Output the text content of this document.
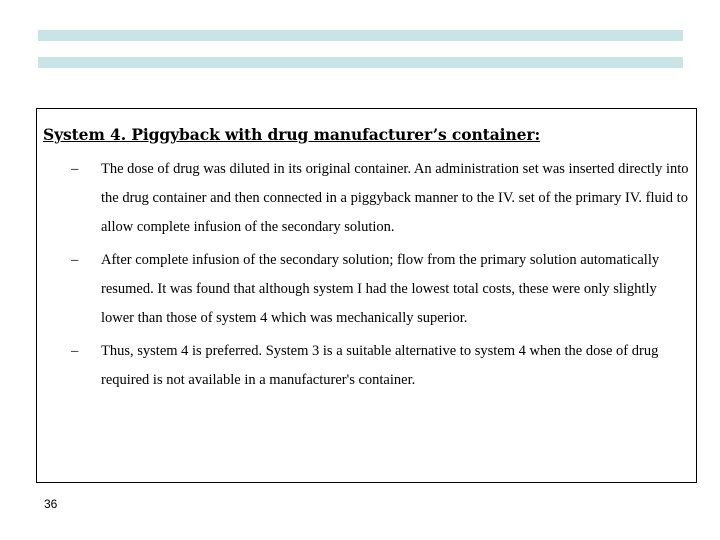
System 4. Piggyback with drug manufacturer’s container:
– The dose of drug was diluted in its original container. An administration set was inserted directly into the drug container and then connected in a piggyback manner to the IV. set of the primary IV. fluid to allow complete infusion of the secondary solution.
– After complete infusion of the secondary solution; flow from the primary solution automatically resumed. It was found that although system I had the lowest total costs, these were only slightly lower than those of system 4 which was mechanically superior.
– Thus, system 4 is preferred. System 3 is a suitable alternative to system 4 when the dose of drug required is not available in a manufacturer's container.
36
